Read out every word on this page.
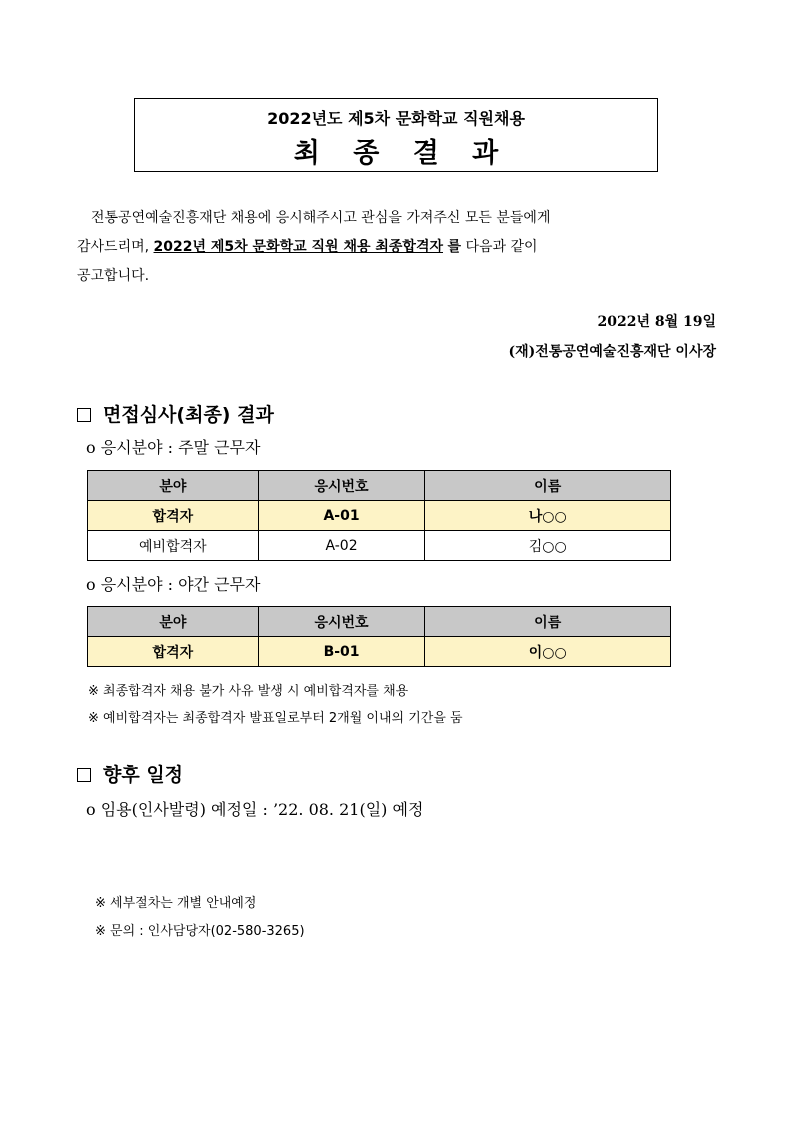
2022년도 제5차 문화학교 직원채용
최 종 결 과
전통공연예술진흥재단 채용에 응시해주시고 관심을 가져주신 모든 분들에게
감사드리며, 2022년 제5차 문화학교 직원 채용 최종합격자 를 다음과 같이
공고합니다.
2022년 8월 19일
(재)전통공연예술진흥재단 이사장
면접심사(최종) 결과
o 응시분야 : 주말 근무자
분야	응시번호	이름
합격자	A-01	나○○
예비합격자	A-02	김○○
o 응시분야 : 야간 근무자
분야	응시번호	이름
합격자	B-01	이○○
※ 최종합격자 채용 불가 사유 발생 시 예비합격자를 채용
※ 예비합격자는 최종합격자 발표일로부터 2개월 이내의 기간을 둠
향후 일정
o 임용(인사발령) 예정일 : ’22. 08. 21(일) 예정
※ 세부절차는 개별 안내예정
※ 문의 : 인사담당자(02-580-3265)
